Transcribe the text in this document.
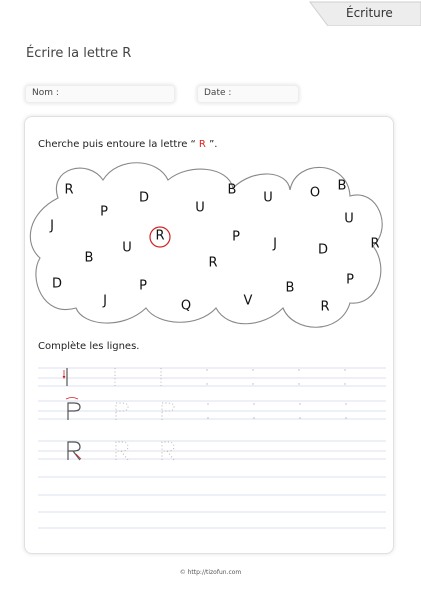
Écriture
Écrire la lettre R
Nom :	Date :
Cherche puis entoure la lettre “ R ”.
R
P
D
U
B
U	O B
J	U
B
U
R	P	J	D	R
R
D
J
P
Q	V
B
R
P
Complète les lignes.
© http://tizofun.com
